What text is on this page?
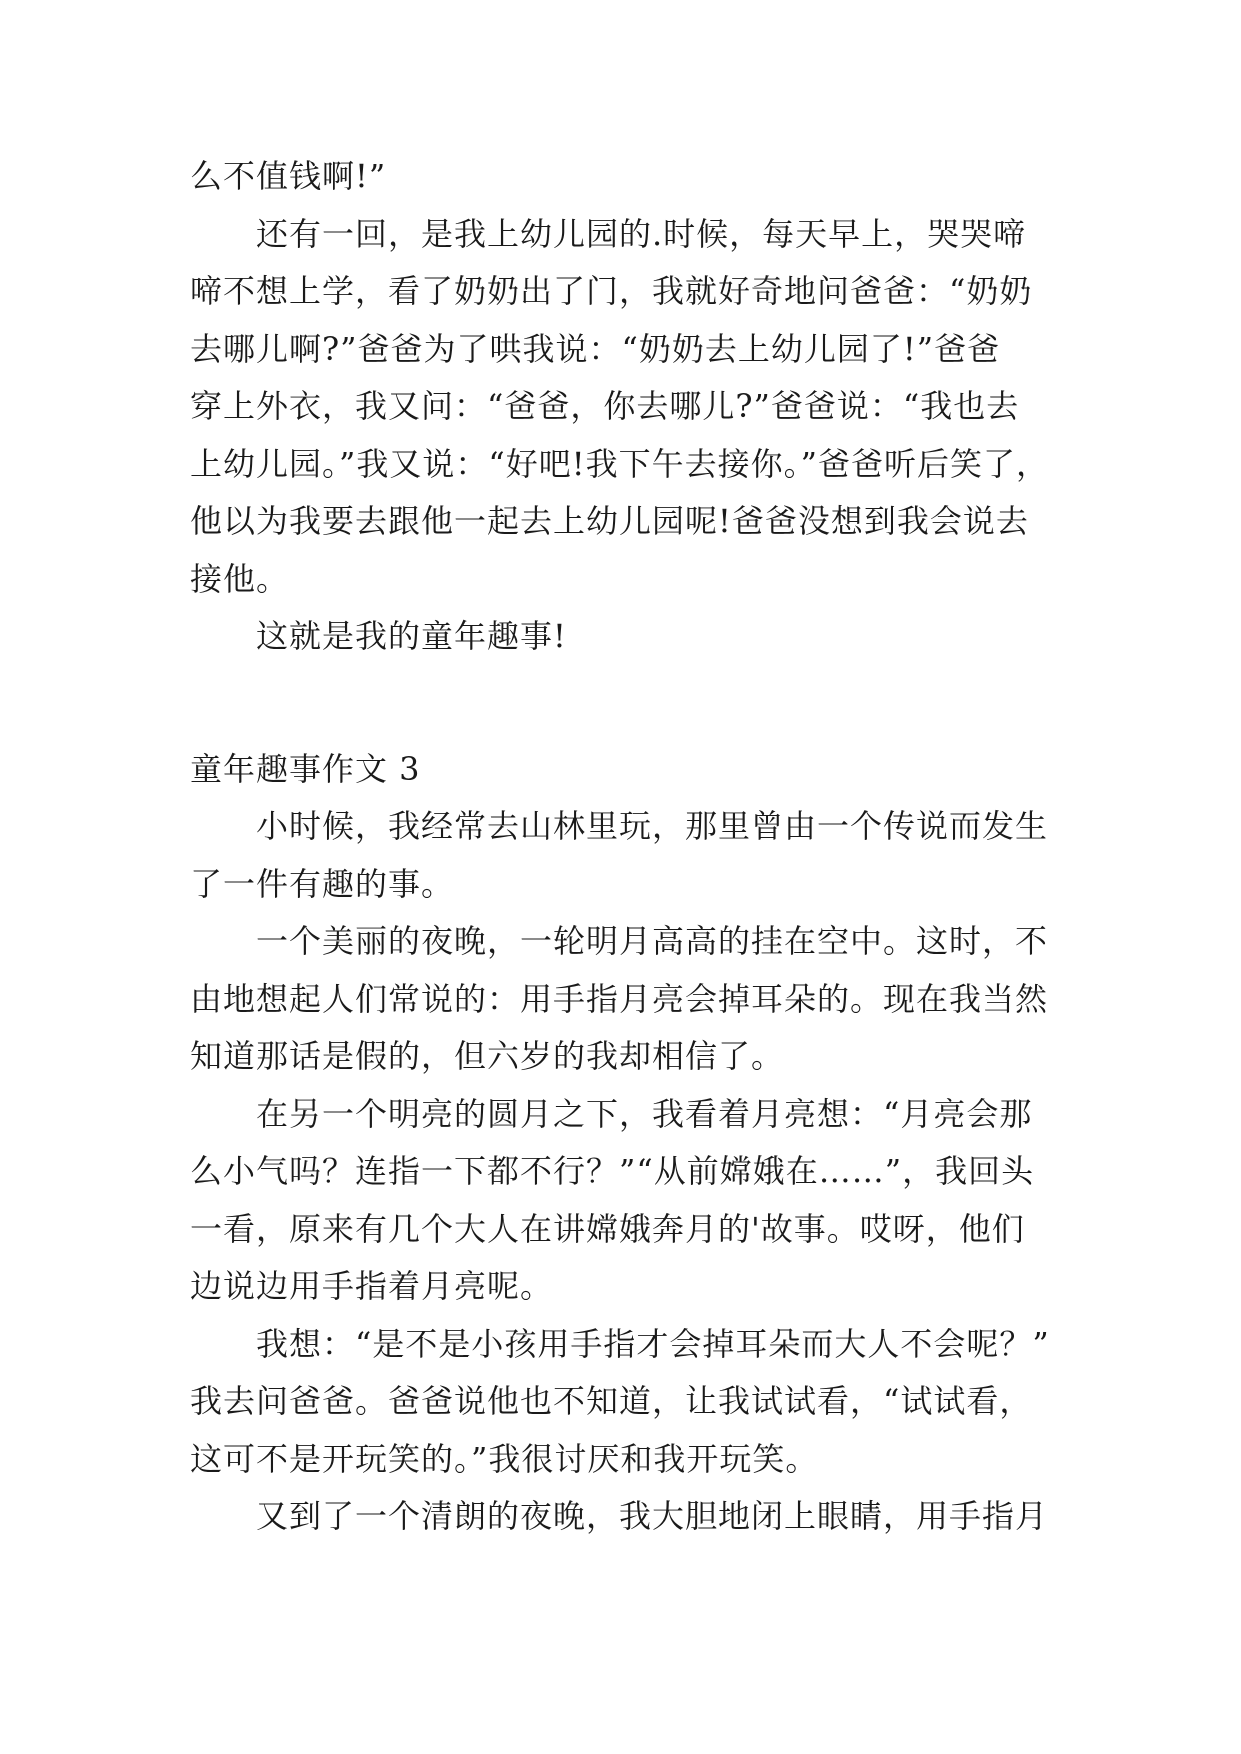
么不值钱啊!”
还有一回，是我上幼儿园的.时候，每天早上，哭哭啼
啼不想上学，看了奶奶出了门，我就好奇地问爸爸：“奶奶
去哪儿啊?”爸爸为了哄我说：“奶奶去上幼儿园了!”爸爸
穿上外衣，我又问：“爸爸，你去哪儿?”爸爸说：“我也去
上幼儿园。”我又说：“好吧!我下午去接你。”爸爸听后笑了，
他以为我要去跟他一起去上幼儿园呢!爸爸没想到我会说去
接他。
这就是我的童年趣事!
童年趣事作文 3
小时候，我经常去山林里玩，那里曾由一个传说而发生
了一件有趣的事。
一个美丽的夜晚，一轮明月高高的挂在空中。这时，不
由地想起人们常说的：用手指月亮会掉耳朵的。现在我当然
知道那话是假的，但六岁的我却相信了。
在另一个明亮的圆月之下，我看着月亮想：“月亮会那
么小气吗？连指一下都不行？”“从前嫦娥在……”，我回头
一看，原来有几个大人在讲嫦娥奔月的'故事。哎呀，他们
边说边用手指着月亮呢。
我想：“是不是小孩用手指才会掉耳朵而大人不会呢？”
我去问爸爸。爸爸说他也不知道，让我试试看，“试试看，
这可不是开玩笑的。”我很讨厌和我开玩笑。
又到了一个清朗的夜晚，我大胆地闭上眼睛，用手指月
